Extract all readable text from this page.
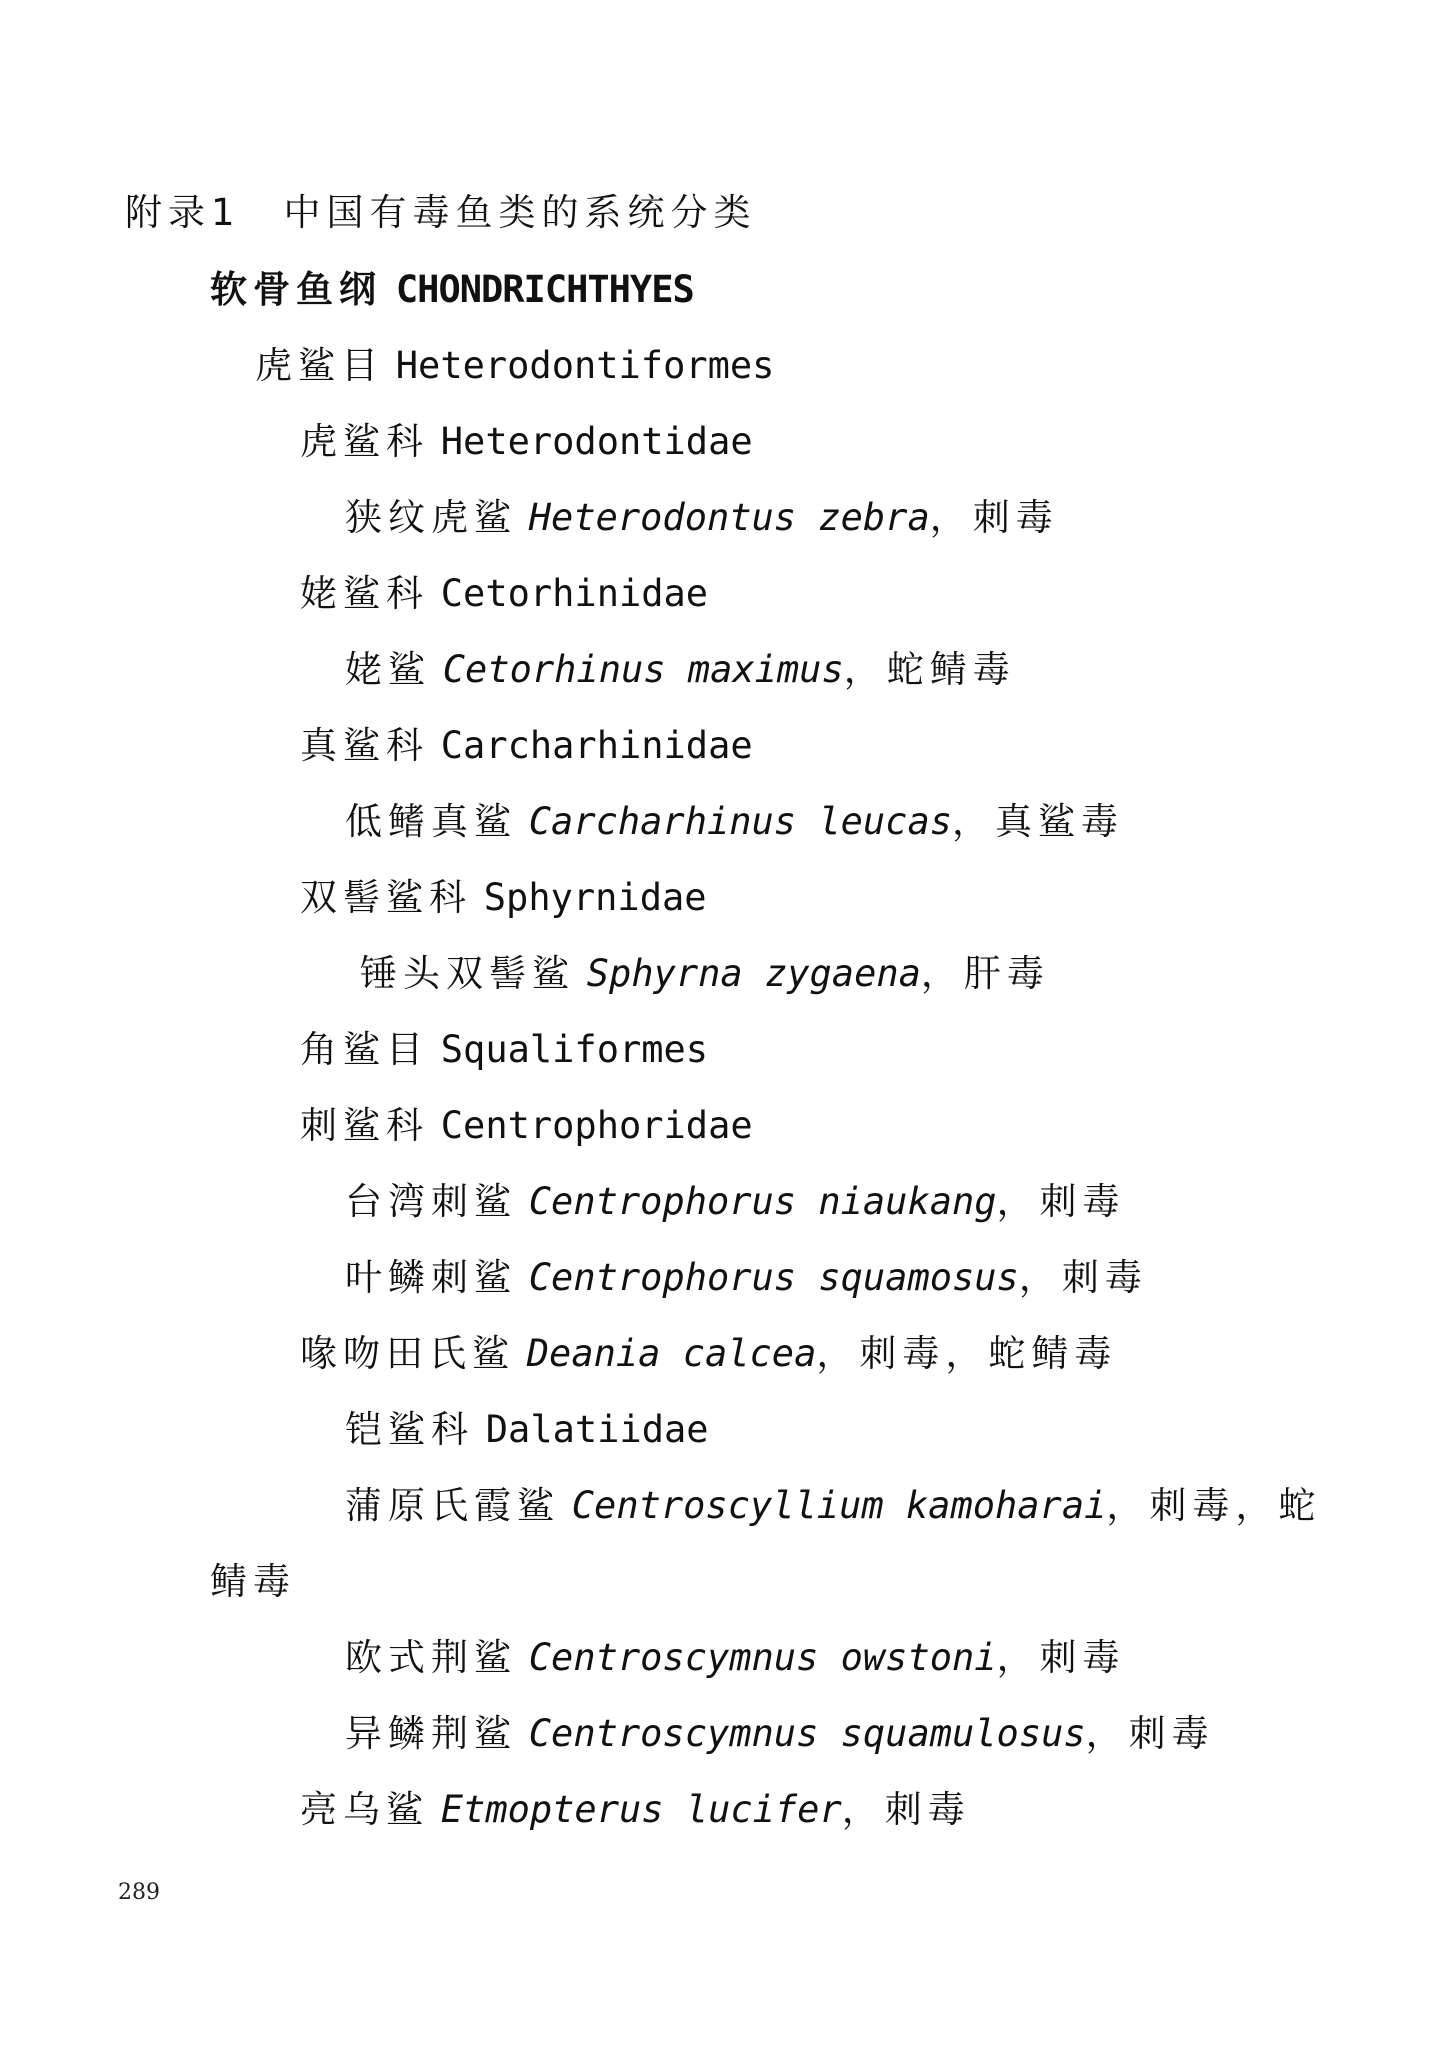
附录1　中国有毒鱼类的系统分类
软骨鱼纲 CHONDRICHTHYES
虎鲨目 Heterodontiformes
虎鲨科 Heterodontidae
狭纹虎鲨 Heterodontus zebra，刺毒
姥鲨科 Cetorhinidae
姥鲨 Cetorhinus maximus，蛇鲭毒
真鲨科 Carcharhinidae
低鳍真鲨 Carcharhinus leucas，真鲨毒
双髻鲨科 Sphyrnidae
锤头双髻鲨 Sphyrna zygaena，肝毒
角鲨目 Squaliformes
刺鲨科 Centrophoridae
台湾刺鲨 Centrophorus niaukang，刺毒
叶鳞刺鲨 Centrophorus squamosus，刺毒
喙吻田氏鲨 Deania calcea，刺毒，蛇鲭毒
铠鲨科 Dalatiidae
蒲原氏霞鲨 Centroscyllium kamoharai，刺毒，蛇
鲭毒
欧式荆鲨 Centroscymnus owstoni，刺毒
异鳞荆鲨 Centroscymnus squamulosus，刺毒
亮乌鲨 Etmopterus lucifer，刺毒
289
